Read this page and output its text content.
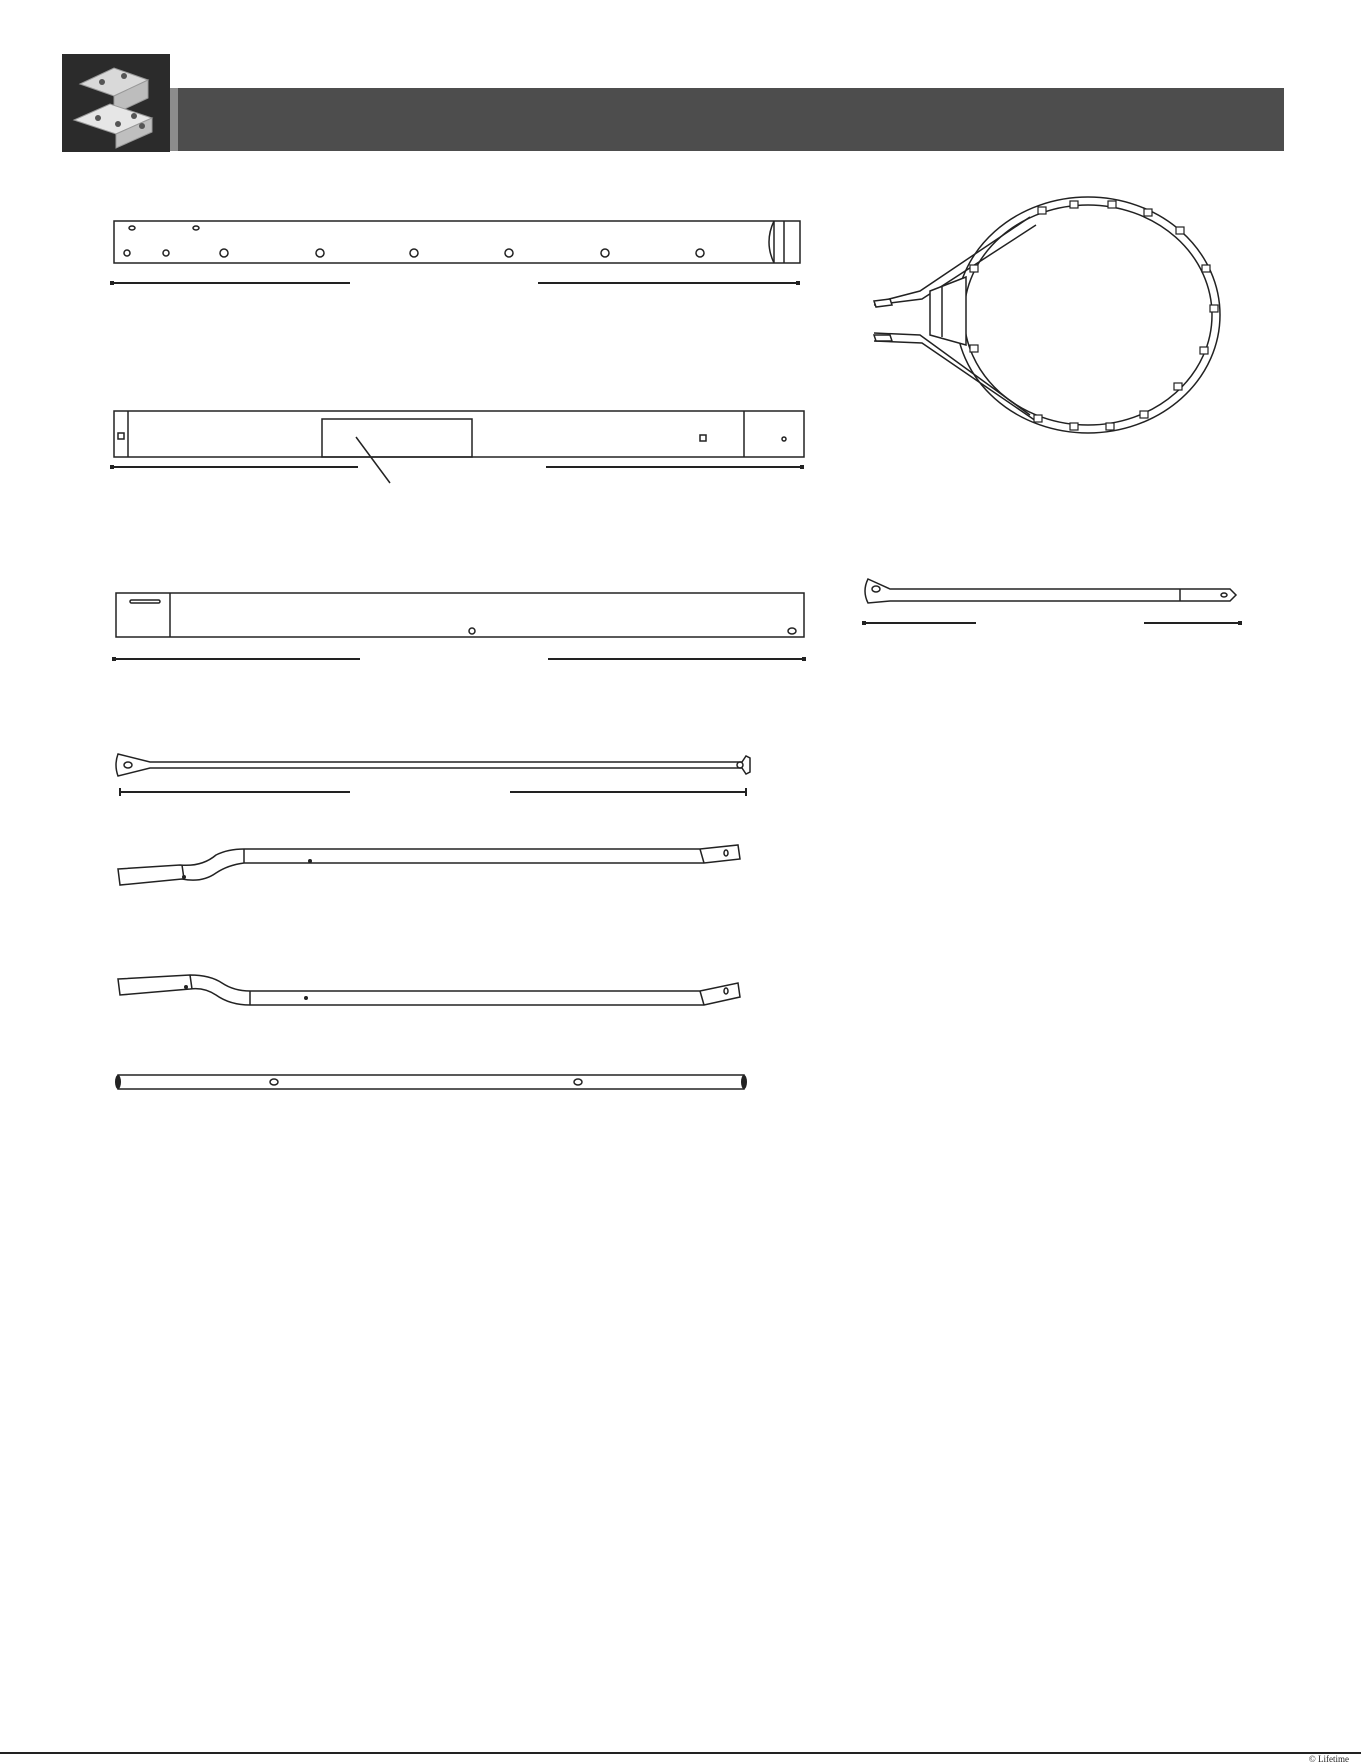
© Lifetime
